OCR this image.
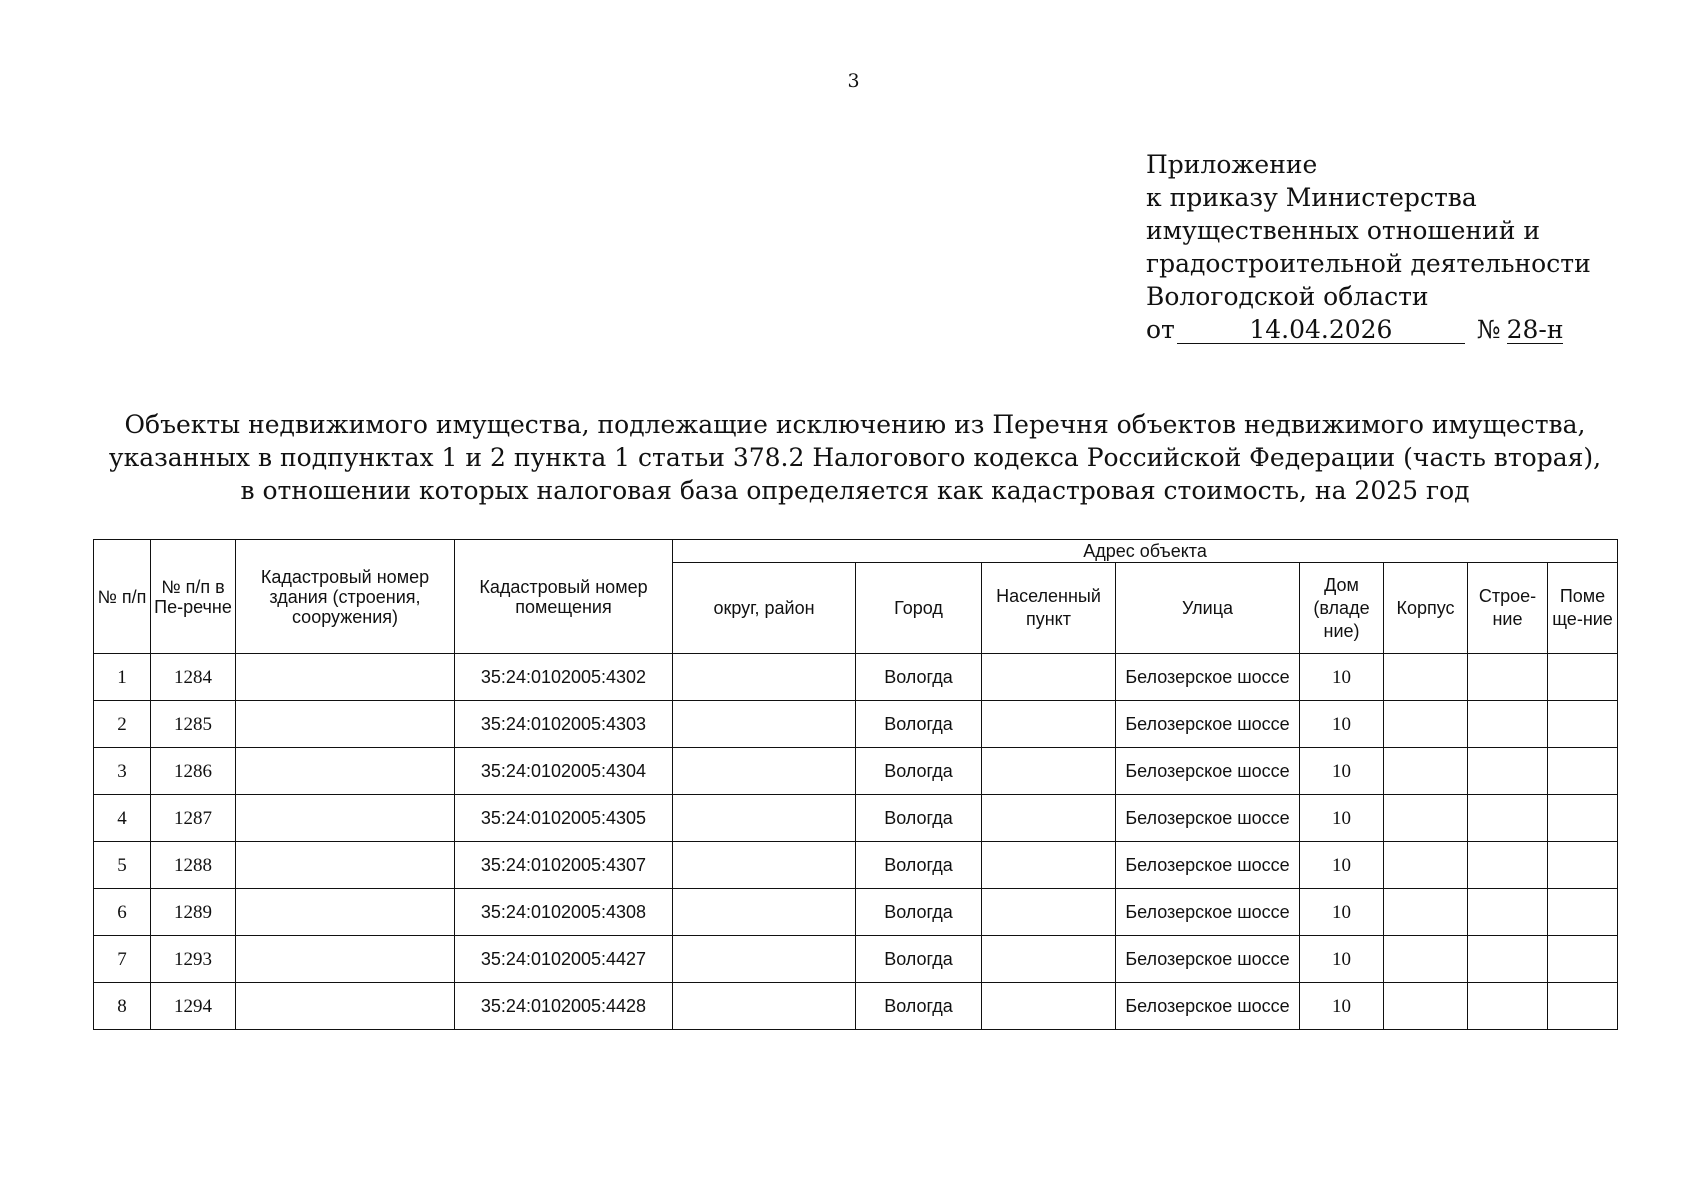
3
Приложение
к приказу Министерства
имущественных отношений и
градостроительной деятельности
Вологодской области
от	14.04.2026	№ 28-н
Объекты недвижимого имущества, подлежащие исключению из Перечня объектов недвижимого имущества,
указанных в подпунктах 1 и 2 пункта 1 статьи 378.2 Налогового кодекса Российской Федерации (часть вторая),
в отношении которых налоговая база определяется как кадастровая стоимость, на 2025 год
№ п/п	№ п/п в Пе-речне	Кадастровый номер здания (строения, сооружения)	Кадастровый номер помещения	Адрес объекта							
				округ, район	Город	Населенный пункт	Улица	Дом (владе ние)	Корпус	Строе-ние	Поме ще-ние
1	1284		35:24:0102005:4302		Вологда		Белозерское шоссе	10			
2	1285		35:24:0102005:4303		Вологда		Белозерское шоссе	10			
3	1286		35:24:0102005:4304		Вологда		Белозерское шоссе	10			
4	1287		35:24:0102005:4305		Вологда		Белозерское шоссе	10			
5	1288		35:24:0102005:4307		Вологда		Белозерское шоссе	10			
6	1289		35:24:0102005:4308		Вологда		Белозерское шоссе	10			
7	1293		35:24:0102005:4427		Вологда		Белозерское шоссе	10			
8	1294		35:24:0102005:4428		Вологда		Белозерское шоссе	10			
